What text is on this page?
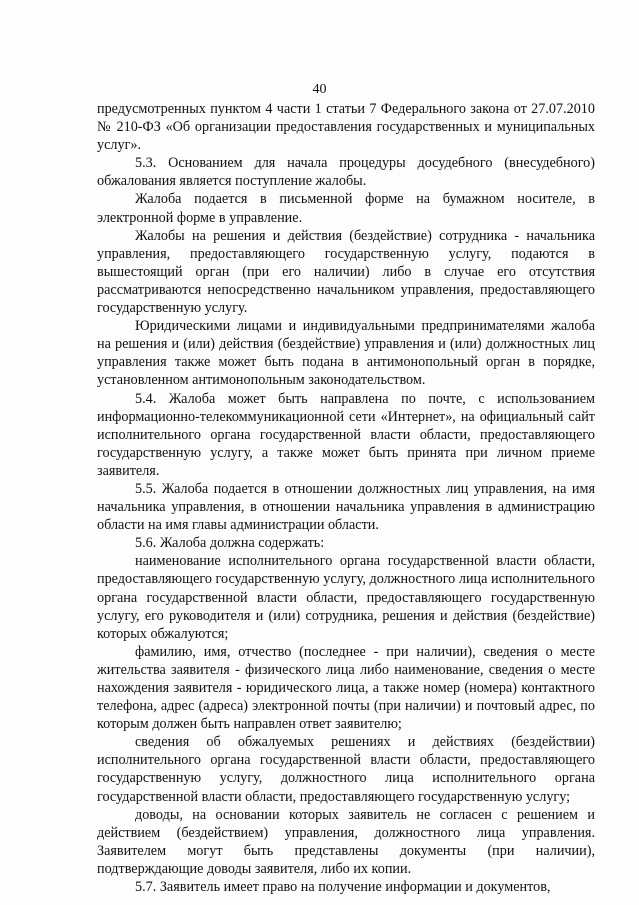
40

предусмотренных пунктом 4 части 1 статьи 7 Федерального закона от 27.07.2010 № 210-ФЗ «Об организации предоставления государственных и муниципальных услуг».

5.3. Основанием для начала процедуры досудебного (внесудебного) обжалования является поступление жалобы.

Жалоба подается в письменной форме на бумажном носителе, в электронной форме в управление.

Жалобы на решения и действия (бездействие) сотрудника - начальника управления, предоставляющего государственную услугу, подаются в вышестоящий орган (при его наличии) либо в случае его отсутствия рассматриваются непосредственно начальником управления, предоставляющего государственную услугу.

Юридическими лицами и индивидуальными предпринимателями жалоба на решения и (или) действия (бездействие) управления и (или) должностных лиц управления также может быть подана в антимонопольный орган в порядке, установленном антимонопольным законодательством.

5.4. Жалоба может быть направлена по почте, с использованием информационно-телекоммуникационной сети «Интернет», на официальный сайт исполнительного органа государственной власти области, предоставляющего государственную услугу, а также может быть принята при личном приеме заявителя.

5.5. Жалоба подается в отношении должностных лиц управления, на имя начальника управления, в отношении начальника управления в администрацию области на имя главы администрации области.

5.6. Жалоба должна содержать:

наименование исполнительного органа государственной власти области, предоставляющего государственную услугу, должностного лица исполнительного органа государственной власти области, предоставляющего государственную услугу, его руководителя и (или) сотрудника, решения и действия (бездействие) которых обжалуются;

фамилию, имя, отчество (последнее - при наличии), сведения о месте жительства заявителя - физического лица либо наименование, сведения о месте нахождения заявителя - юридического лица, а также номер (номера) контактного телефона, адрес (адреса) электронной почты (при наличии) и почтовый адрес, по которым должен быть направлен ответ заявителю;

сведения об обжалуемых решениях и действиях (бездействии) исполнительного органа государственной власти области, предоставляющего государственную услугу, должностного лица исполнительного органа государственной власти области, предоставляющего государственную услугу;

доводы, на основании которых заявитель не согласен с решением и действием (бездействием) управления, должностного лица управления. Заявителем могут быть представлены документы (при наличии), подтверждающие доводы заявителя, либо их копии.

5.7. Заявитель имеет право на получение информации и документов,
